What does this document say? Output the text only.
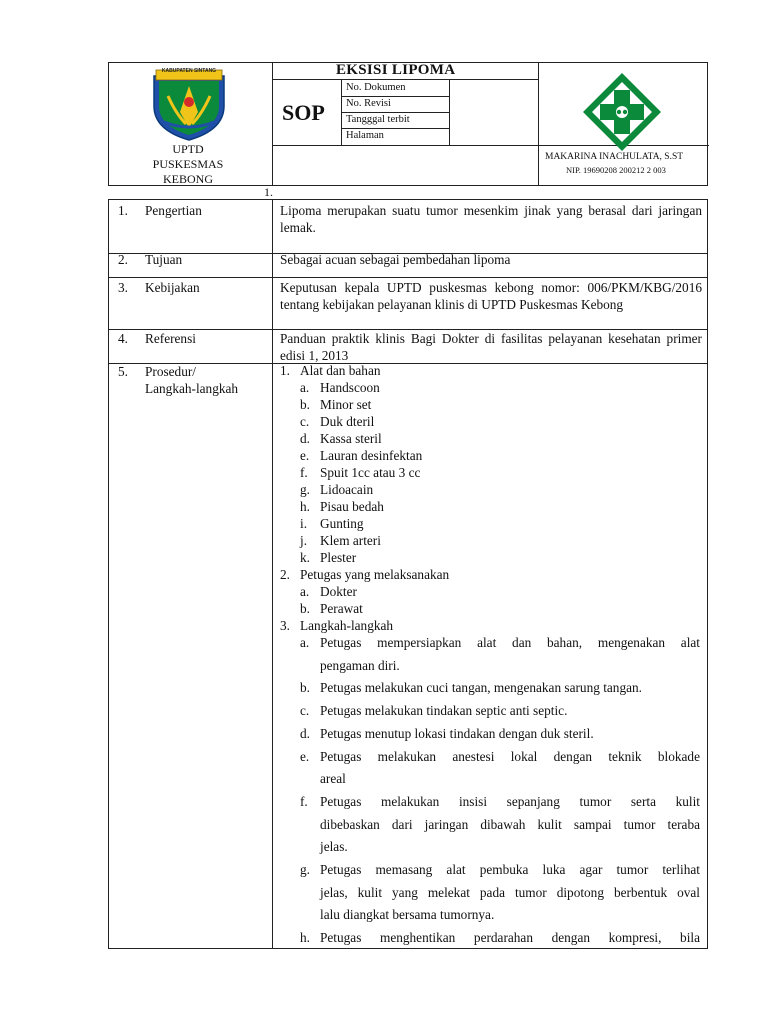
KABUPATEN SINTANG
UPTD
PUSKESMAS
KEBONG
EKSISI LIPOMA
SOP
No. Dokumen
No. Revisi
Tangggal terbit
Halaman
MAKARINA INACHULATA, S.ST
NIP. 19690208 200212 2 003
1.
1. Pengertian	Lipoma merupakan suatu tumor mesenkim jinak yang berasal dari jaringan lemak.
2. Tujuan	Sebagai acuan sebagai pembedahan lipoma
3. Kebijakan	Keputusan kepala UPTD puskesmas kebong nomor: 006/PKM/KBG/2016 tentang kebijakan pelayanan klinis di UPTD Puskesmas Kebong
4. Referensi	Panduan praktik klinis Bagi Dokter di fasilitas pelayanan kesehatan primer edisi 1, 2013
5. Prosedur/
Langkah-langkah
1. Alat dan bahan
a. Handscoon
b. Minor set
c. Duk dteril
d. Kassa steril
e. Lauran desinfektan
f. Spuit 1cc atau 3 cc
g. Lidoacain
h. Pisau bedah
i. Gunting
j. Klem arteri
k. Plester
2. Petugas yang melaksanakan
a. Dokter
b. Perawat
3. Langkah-langkah
a. Petugas mempersiapkan alat dan bahan, mengenakan alat
pengaman diri.
b. Petugas melakukan cuci tangan, mengenakan sarung tangan.
c. Petugas melakukan tindakan septic anti septic.
d. Petugas menutup lokasi tindakan dengan duk steril.
e. Petugas melakukan anestesi lokal dengan teknik blokade
areal
f. Petugas melakukan insisi sepanjang tumor serta kulit
dibebaskan dari jaringan dibawah kulit sampai tumor teraba
jelas.
g. Petugas memasang alat pembuka luka agar tumor terlihat
jelas, kulit yang melekat pada tumor dipotong berbentuk oval
lalu diangkat bersama tumornya.
h. Petugas menghentikan perdarahan dengan kompresi, bila
